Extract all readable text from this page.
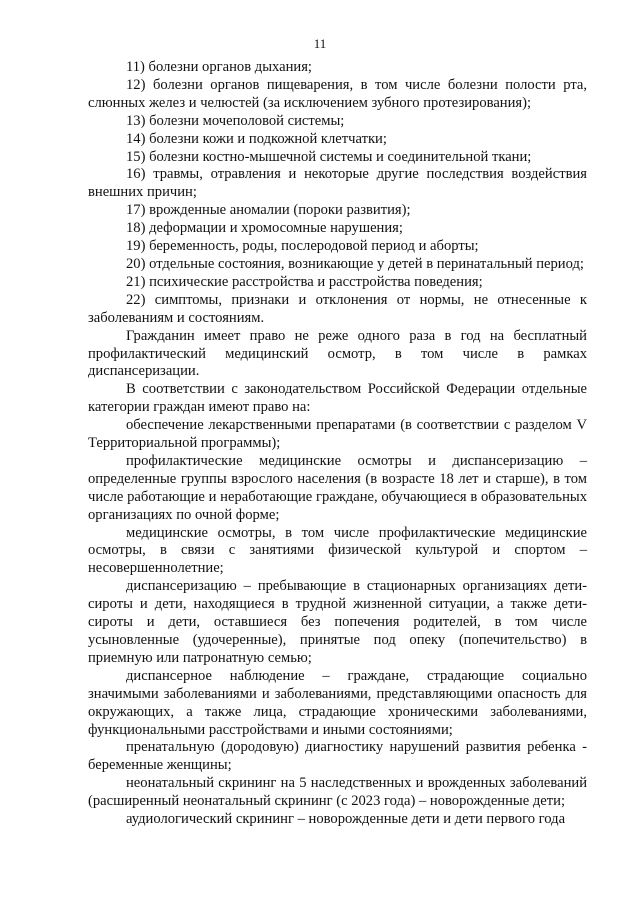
11

11) болезни органов дыхания;

12) болезни органов пищеварения, в том числе болезни полости рта, слюнных желез и челюстей (за исключением зубного протезирования);

13) болезни мочеполовой системы;

14) болезни кожи и подкожной клетчатки;

15) болезни костно-мышечной системы и соединительной ткани;

16) травмы, отравления и некоторые другие последствия воздействия внешних причин;

17) врожденные аномалии (пороки развития);

18) деформации и хромосомные нарушения;

19) беременность, роды, послеродовой период и аборты;

20) отдельные состояния, возникающие у детей в перинатальный период;

21) психические расстройства и расстройства поведения;

22) симптомы, признаки и отклонения от нормы, не отнесенные к заболеваниям и состояниям.

Гражданин имеет право не реже одного раза в год на бесплатный профилактический медицинский осмотр, в том числе в рамках диспансеризации.

В соответствии с законодательством Российской Федерации отдельные категории граждан имеют право на:

обеспечение лекарственными препаратами (в соответствии с разделом V Территориальной программы);

профилактические медицинские осмотры и диспансеризацию – определенные группы взрослого населения (в возрасте 18 лет и старше), в том числе работающие и неработающие граждане, обучающиеся в образовательных организациях по очной форме;

медицинские осмотры, в том числе профилактические медицинские осмотры, в связи с занятиями физической культурой и спортом – несовершеннолетние;

диспансеризацию – пребывающие в стационарных организациях дети-сироты и дети, находящиеся в трудной жизненной ситуации, а также дети-сироты и дети, оставшиеся без попечения родителей, в том числе усыновленные (удочеренные), принятые под опеку (попечительство) в приемную или патронатную семью;

диспансерное наблюдение – граждане, страдающие социально значимыми заболеваниями и заболеваниями, представляющими опасность для окружающих, а также лица, страдающие хроническими заболеваниями, функциональными расстройствами и иными состояниями;

пренатальную (дородовую) диагностику нарушений развития ребенка - беременные женщины;

неонатальный скрининг на 5 наследственных и врожденных заболеваний (расширенный неонатальный скрининг (с 2023 года) – новорожденные дети;

аудиологический скрининг – новорожденные дети и дети первого года
